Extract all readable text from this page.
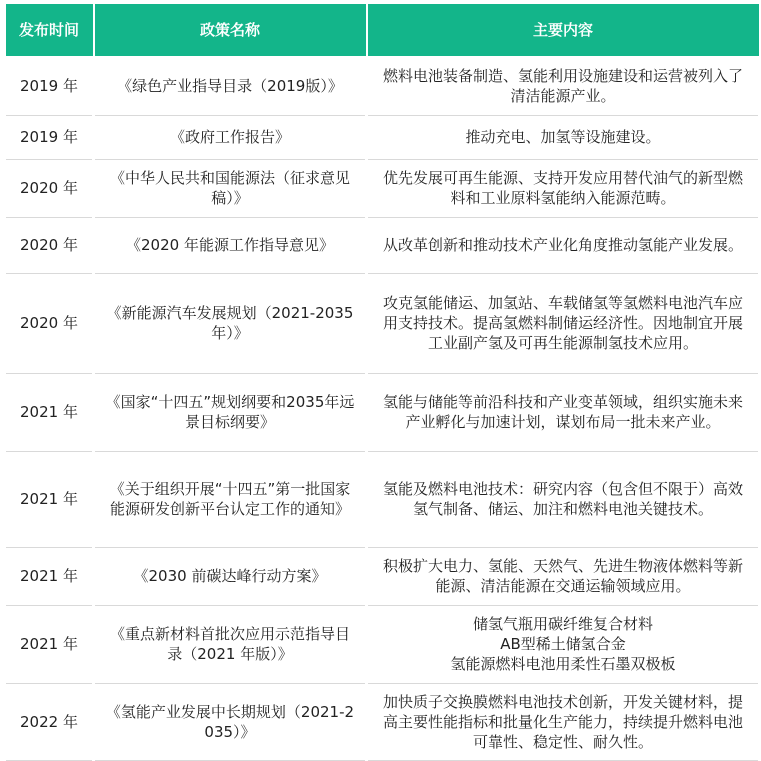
发布时间	政策名称	主要内容
2019 年	《绿色产业指导目录（2019版）》	燃料电池装备制造、氢能利用设施建设和运营被列入了清洁能源产业。

2019 年	《政府工作报告》	推动充电、加氢等设施建设。

2020 年	《中华人民共和国能源法（征求意见稿）》	优先发展可再生能源、支持开发应用替代油气的新型燃料和工业原料氢能纳入能源范畴。

2020 年	《2020 年能源工作指导意见》	从改革创新和推动技术产业化角度推动氢能产业发展。

2020 年	《新能源汽车发展规划（2021-2035 年）》	攻克氢能储运、加氢站、车载储氢等氢燃料电池汽车应用支持技术。提高氢燃料制储运经济性。因地制宜开展工业副产氢及可再生能源制氢技术应用。

2021 年	《国家“十四五”规划纲要和2035年远景目标纲要》	氢能与储能等前沿科技和产业变革领域，组织实施未来产业孵化与加速计划，谋划布局一批未来产业。

2021 年	《关于组织开展“十四五”第一批国家能源研发创新平台认定工作的通知》	氢能及燃料电池技术：研究内容（包含但不限于）高效氢气制备、储运、加注和燃料电池关键技术。

2021 年	《2030 前碳达峰行动方案》	积极扩大电力、氢能、天然气、先进生物液体燃料等新能源、清洁能源在交通运输领域应用。

2021 年	《重点新材料首批次应用示范指导目录（2021 年版）》	储氢气瓶用碳纤维复合材料
AB型稀土储氢合金
氢能源燃料电池用柔性石墨双极板

2022 年	《氢能产业发展中长期规划（2021-2035）》	加快质子交换膜燃料电池技术创新，开发关键材料，提高主要性能指标和批量化生产能力，持续提升燃料电池可靠性、稳定性、耐久性。
